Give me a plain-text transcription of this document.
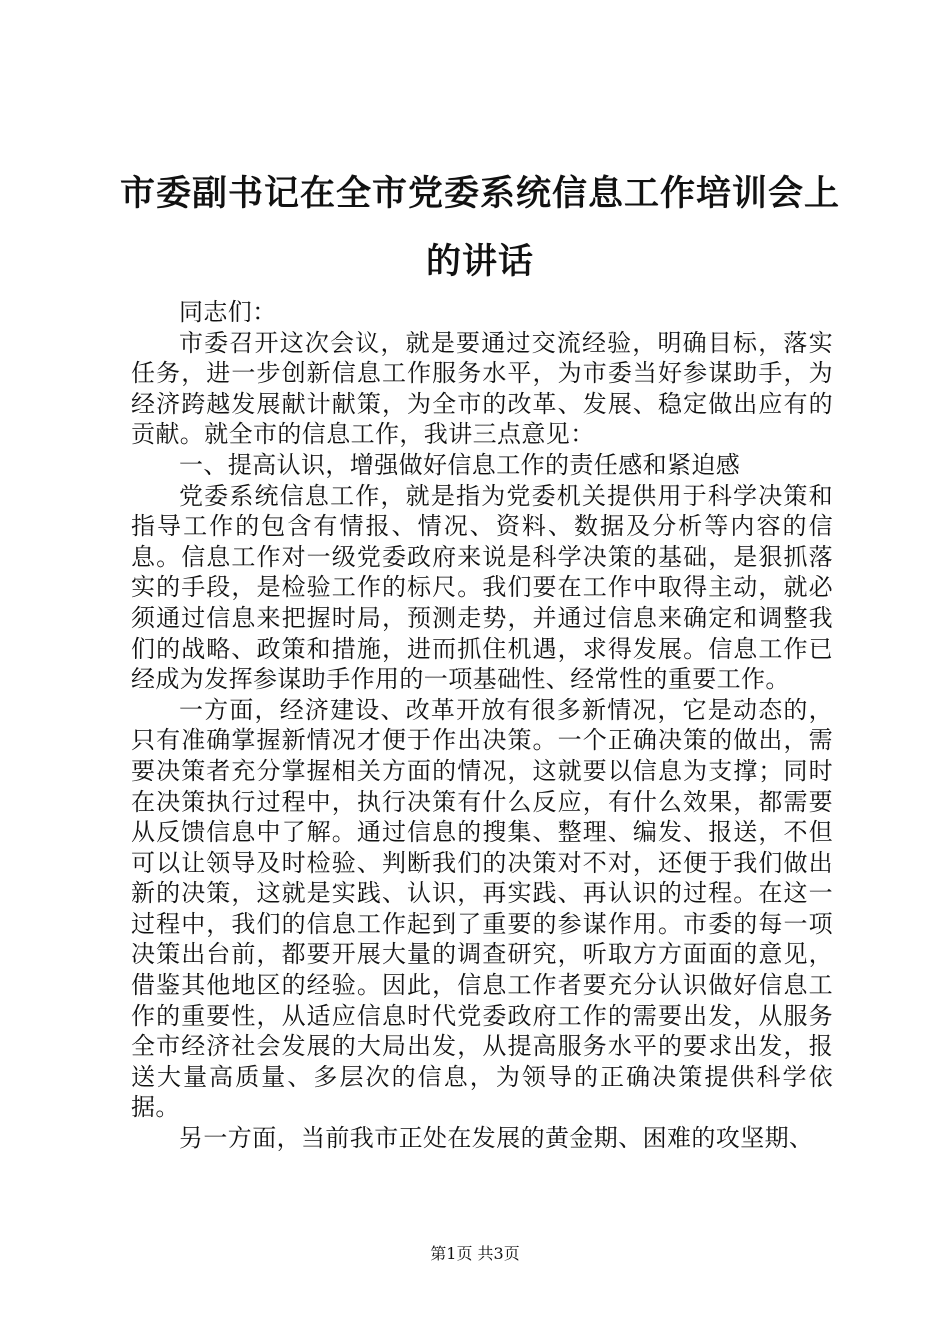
市委副书记在全市党委系统信息工作培训会上的讲话

同志们：

市委召开这次会议，就是要通过交流经验，明确目标，落实任务，进一步创新信息工作服务水平，为市委当好参谋助手，为经济跨越发展献计献策，为全市的改革、发展、稳定做出应有的贡献。就全市的信息工作，我讲三点意见：

一、提高认识，增强做好信息工作的责任感和紧迫感

党委系统信息工作，就是指为党委机关提供用于科学决策和指导工作的包含有情报、情况、资料、数据及分析等内容的信息。信息工作对一级党委政府来说是科学决策的基础，是狠抓落实的手段，是检验工作的标尺。我们要在工作中取得主动，就必须通过信息来把握时局，预测走势，并通过信息来确定和调整我们的战略、政策和措施，进而抓住机遇，求得发展。信息工作已经成为发挥参谋助手作用的一项基础性、经常性的重要工作。

一方面，经济建设、改革开放有很多新情况，它是动态的，只有准确掌握新情况才便于作出决策。一个正确决策的做出，需要决策者充分掌握相关方面的情况，这就要以信息为支撑；同时在决策执行过程中，执行决策有什么反应，有什么效果，都需要从反馈信息中了解。通过信息的搜集、整理、编发、报送，不但可以让领导及时检验、判断我们的决策对不对，还便于我们做出新的决策，这就是实践、认识，再实践、再认识的过程。在这一过程中，我们的信息工作起到了重要的参谋作用。市委的每一项决策出台前，都要开展大量的调查研究，听取方方面面的意见，借鉴其他地区的经验。因此，信息工作者要充分认识做好信息工作的重要性，从适应信息时代党委政府工作的需要出发，从服务全市经济社会发展的大局出发，从提高服务水平的要求出发，报送大量高质量、多层次的信息，为领导的正确决策提供科学依据。

另一方面，当前我市正处在发展的黄金期、困难的攻坚期、

第1页 共3页
